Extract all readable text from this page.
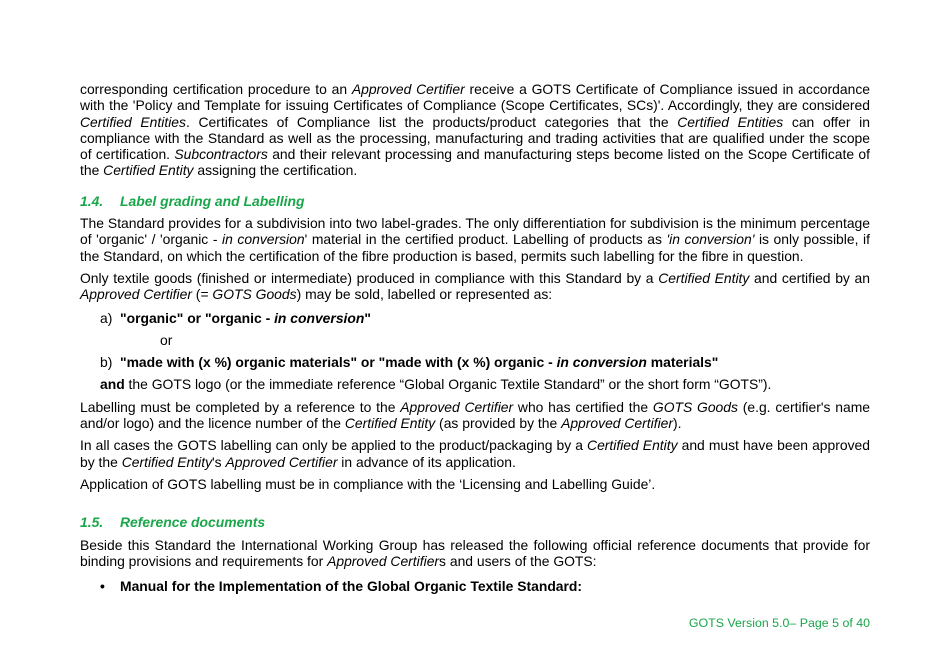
corresponding certification procedure to an Approved Certifier receive a GOTS Certificate of Compliance issued in accordance with the 'Policy and Template for issuing Certificates of Compliance (Scope Certificates, SCs)'. Accordingly, they are considered Certified Entities. Certificates of Compliance list the products/product categories that the Certified Entities can offer in compliance with the Standard as well as the processing, manufacturing and trading activities that are qualified under the scope of certification. Subcontractors and their relevant processing and manufacturing steps become listed on the Scope Certificate of the Certified Entity assigning the certification.

1.4. Label grading and Labelling

The Standard provides for a subdivision into two label-grades. The only differentiation for subdivision is the minimum percentage of 'organic' / 'organic - in conversion' material in the certified product. Labelling of products as 'in conversion' is only possible, if the Standard, on which the certification of the fibre production is based, permits such labelling for the fibre in question.

Only textile goods (finished or intermediate) produced in compliance with this Standard by a Certified Entity and certified by an Approved Certifier (= GOTS Goods) may be sold, labelled or represented as:

a) "organic" or "organic - in conversion"

or

b) "made with (x %) organic materials" or "made with (x %) organic - in conversion materials"

and the GOTS logo (or the immediate reference “Global Organic Textile Standard” or the short form “GOTS”).

Labelling must be completed by a reference to the Approved Certifier who has certified the GOTS Goods (e.g. certifier's name and/or logo) and the licence number of the Certified Entity (as provided by the Approved Certifier).

In all cases the GOTS labelling can only be applied to the product/packaging by a Certified Entity and must have been approved by the Certified Entity's Approved Certifier in advance of its application.

Application of GOTS labelling must be in compliance with the ‘Licensing and Labelling Guide’.

1.5. Reference documents

Beside this Standard the International Working Group has released the following official reference documents that provide for binding provisions and requirements for Approved Certifiers and users of the GOTS:

• Manual for the Implementation of the Global Organic Textile Standard:

GOTS Version 5.0– Page 5 of 40
